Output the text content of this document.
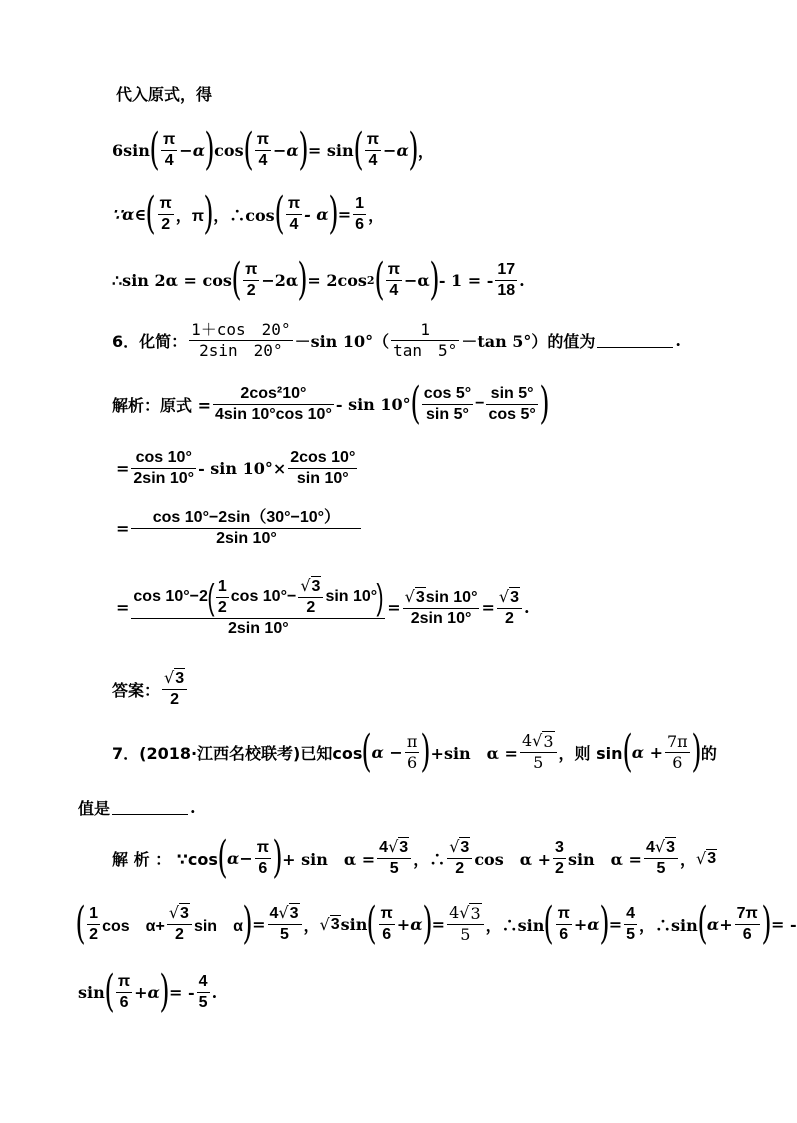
代入原式，得
6sin ( $\frac{\pi}{4} -\alpha$ ) cos ( $\frac{\pi}{4} -\alpha$ ) = sin ( $\frac{\pi}{4} -\alpha$ ) ，
∵α∈ ( $\frac{\pi}{2}$ ，π ) ，∴cos ( $\frac{\pi}{4}$ - α ) = $\frac{1}{6}$ ，
∴sin 2α = cos ( $\frac{\pi}{2} -2\alpha$ ) = 2cos 2 ( $\frac{\pi}{4} -\alpha$ ) - 1 = - $\frac{17}{18}$ .
6．化简： $\frac{1+\cos 20^\circ}{2\sin 20^\circ} -\sin$ $10^\circ( \frac{1}{\tan 5^\circ} -\tan$ 5°）的值为	.
解析：原式 = $\frac{\text{2cos²10°}}{4\sin 10^\circ\cos 10^\circ}$ - sin 10° ( $\frac{\cos 5^\circ}{\sin 5^\circ} - \frac{\sin 5^\circ}{\cos 5^\circ}$ )
= $\frac{\cos 10^\circ}{2\sin 10^\circ} - \sin 10^\circ\times \frac{2\cos 10^\circ}{\sin 10^\circ}$
= $\frac{\cos 10^\circ-2\sin(30^\circ-10^\circ)}{2\sin 10^\circ}$
=
cos 10°−2 ( $\frac{1}{2}$ $\cos 10^\circ- \frac{√ 3}{2}$ sin 10° )
2sin 10°
= $\frac{√ 3 \sin 10^\circ}{2\sin 10^\circ} = \frac{√ 3}{2}$ .
答案： $\frac{√ 3}{2}$
7．(2018·江西名校联考)已知cos ( $\alpha - \frac{\pi}{6}$ ) +sin　$\alpha = \frac{4 √ 3}{5}$ ，则 sin ( $\alpha + \frac{7\pi}{6}$ ) 的
值是	.
解 析 ： ∵cos ( $\alpha- \frac{\pi}{6}$ ) + sin　$\alpha = \frac{4 √ 3}{5}$ ，∴ $\frac{√ 3}{2}$ cos　$\alpha + \frac{3}{2}$ sin　$\alpha = \frac{4 √ 3}{5}$ ， √ 3
( $\frac{1}{2}$ cos　$\alpha+ \frac{√ 3}{2}$ sin　α ) = $\frac{4 √ 3}{5}$ ， √ 3 sin ( $\frac{\pi}{6} +\alpha$ ) = $\frac{4 √ 3}{5}$ ，∴sin ( $\frac{\pi}{6} +\alpha$ ) = $\frac{4}{5}$ ，∴sin ( $\alpha+ \frac{7\pi}{6}$ ) = -
sin ( $\frac{\pi}{6} +\alpha$ ) = - $\frac{4}{5}$ .
